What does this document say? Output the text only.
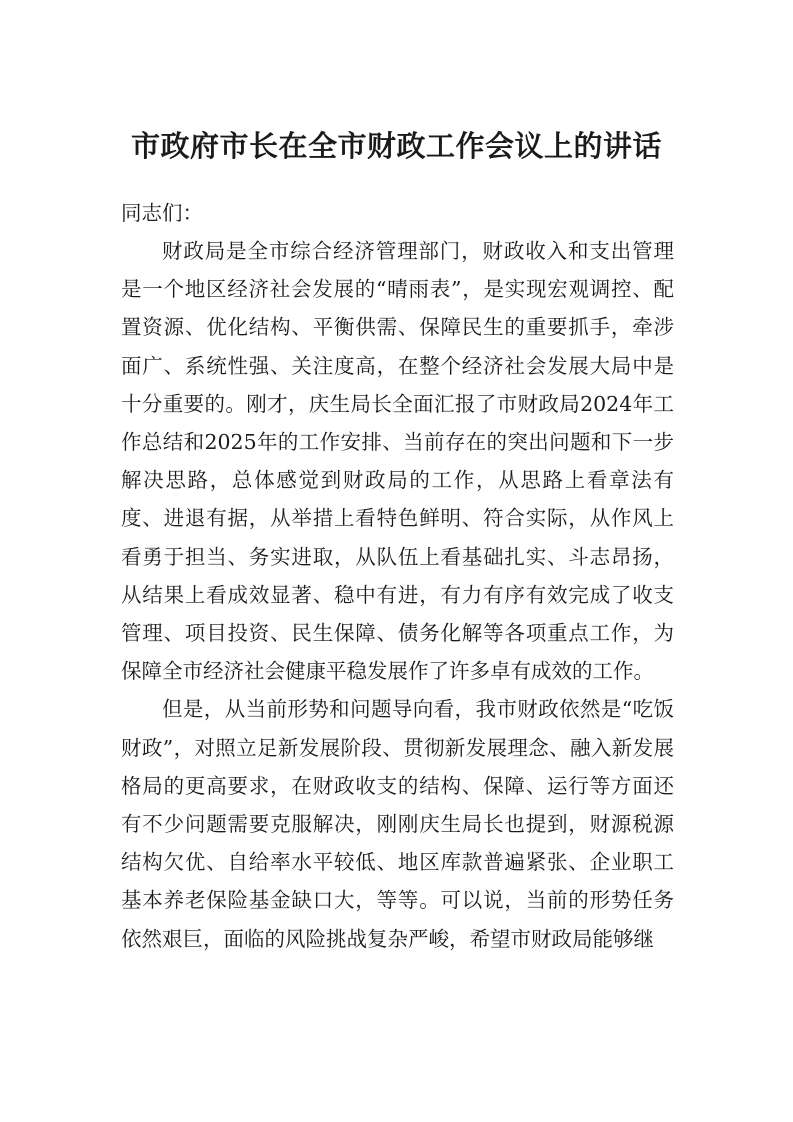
市政府市长在全市财政工作会议上的讲话

同志们：

财政局是全市综合经济管理部门，财政收入和支出管理是一个地区经济社会发展的“晴雨表”，是实现宏观调控、配置资源、优化结构、平衡供需、保障民生的重要抓手，牵涉面广、系统性强、关注度高，在整个经济社会发展大局中是十分重要的。刚才，庆生局长全面汇报了市财政局2024年工作总结和2025年的工作安排、当前存在的突出问题和下一步解决思路，总体感觉到财政局的工作，从思路上看章法有度、进退有据，从举措上看特色鲜明、符合实际，从作风上看勇于担当、务实进取，从队伍上看基础扎实、斗志昂扬，从结果上看成效显著、稳中有进，有力有序有效完成了收支管理、项目投资、民生保障、债务化解等各项重点工作，为保障全市经济社会健康平稳发展作了许多卓有成效的工作。

但是，从当前形势和问题导向看，我市财政依然是“吃饭财政”，对照立足新发展阶段、贯彻新发展理念、融入新发展格局的更高要求，在财政收支的结构、保障、运行等方面还有不少问题需要克服解决，刚刚庆生局长也提到，财源税源结构欠优、自给率水平较低、地区库款普遍紧张、企业职工基本养老保险基金缺口大，等等。可以说，当前的形势任务依然艰巨，面临的风险挑战复杂严峻，希望市财政局能够继
